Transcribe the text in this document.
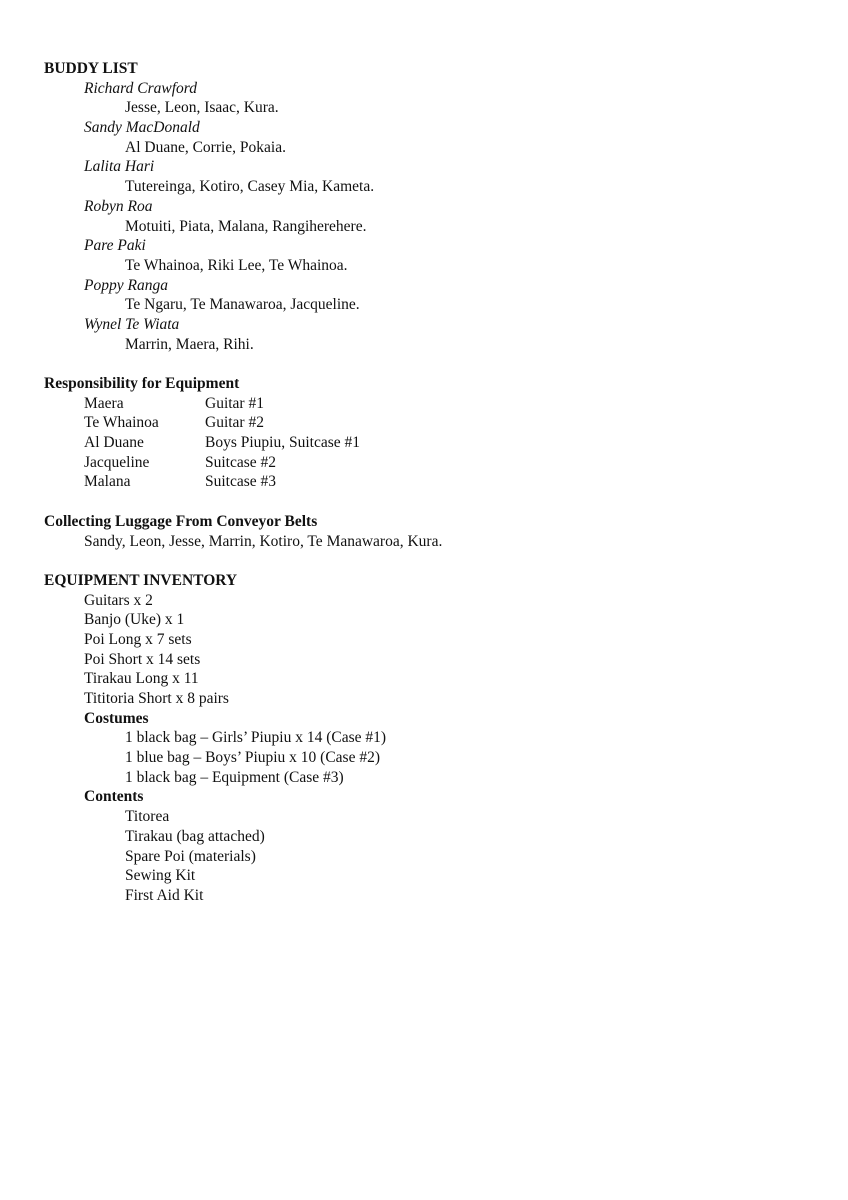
BUDDY LIST
Richard Crawford
Jesse, Leon, Isaac, Kura.
Sandy MacDonald
Al Duane, Corrie, Pokaia.
Lalita Hari
Tutereinga, Kotiro, Casey Mia, Kameta.
Robyn Roa
Motuiti, Piata, Malana, Rangiherehere.
Pare Paki
Te Whainoa, Riki Lee, Te Whainoa.
Poppy Ranga
Te Ngaru, Te Manawaroa, Jacqueline.
Wynel Te Wiata
Marrin, Maera, Rihi.
Responsibility for Equipment
Maera	Guitar #1
Te Whainoa	Guitar #2
Al Duane	Boys Piupiu, Suitcase #1
Jacqueline	Suitcase #2
Malana	Suitcase #3
Collecting Luggage From Conveyor Belts
Sandy, Leon, Jesse, Marrin, Kotiro, Te Manawaroa, Kura.
EQUIPMENT INVENTORY
Guitars x 2
Banjo (Uke) x 1
Poi Long x 7 sets
Poi Short x 14 sets
Tirakau Long x 11
Tititoria Short x 8 pairs
Costumes
1 black bag – Girls’ Piupiu x 14 (Case #1)
1 blue bag – Boys’ Piupiu x 10 (Case #2)
1 black bag – Equipment (Case #3)
Contents
Titorea
Tirakau (bag attached)
Spare Poi (materials)
Sewing Kit
First Aid Kit
